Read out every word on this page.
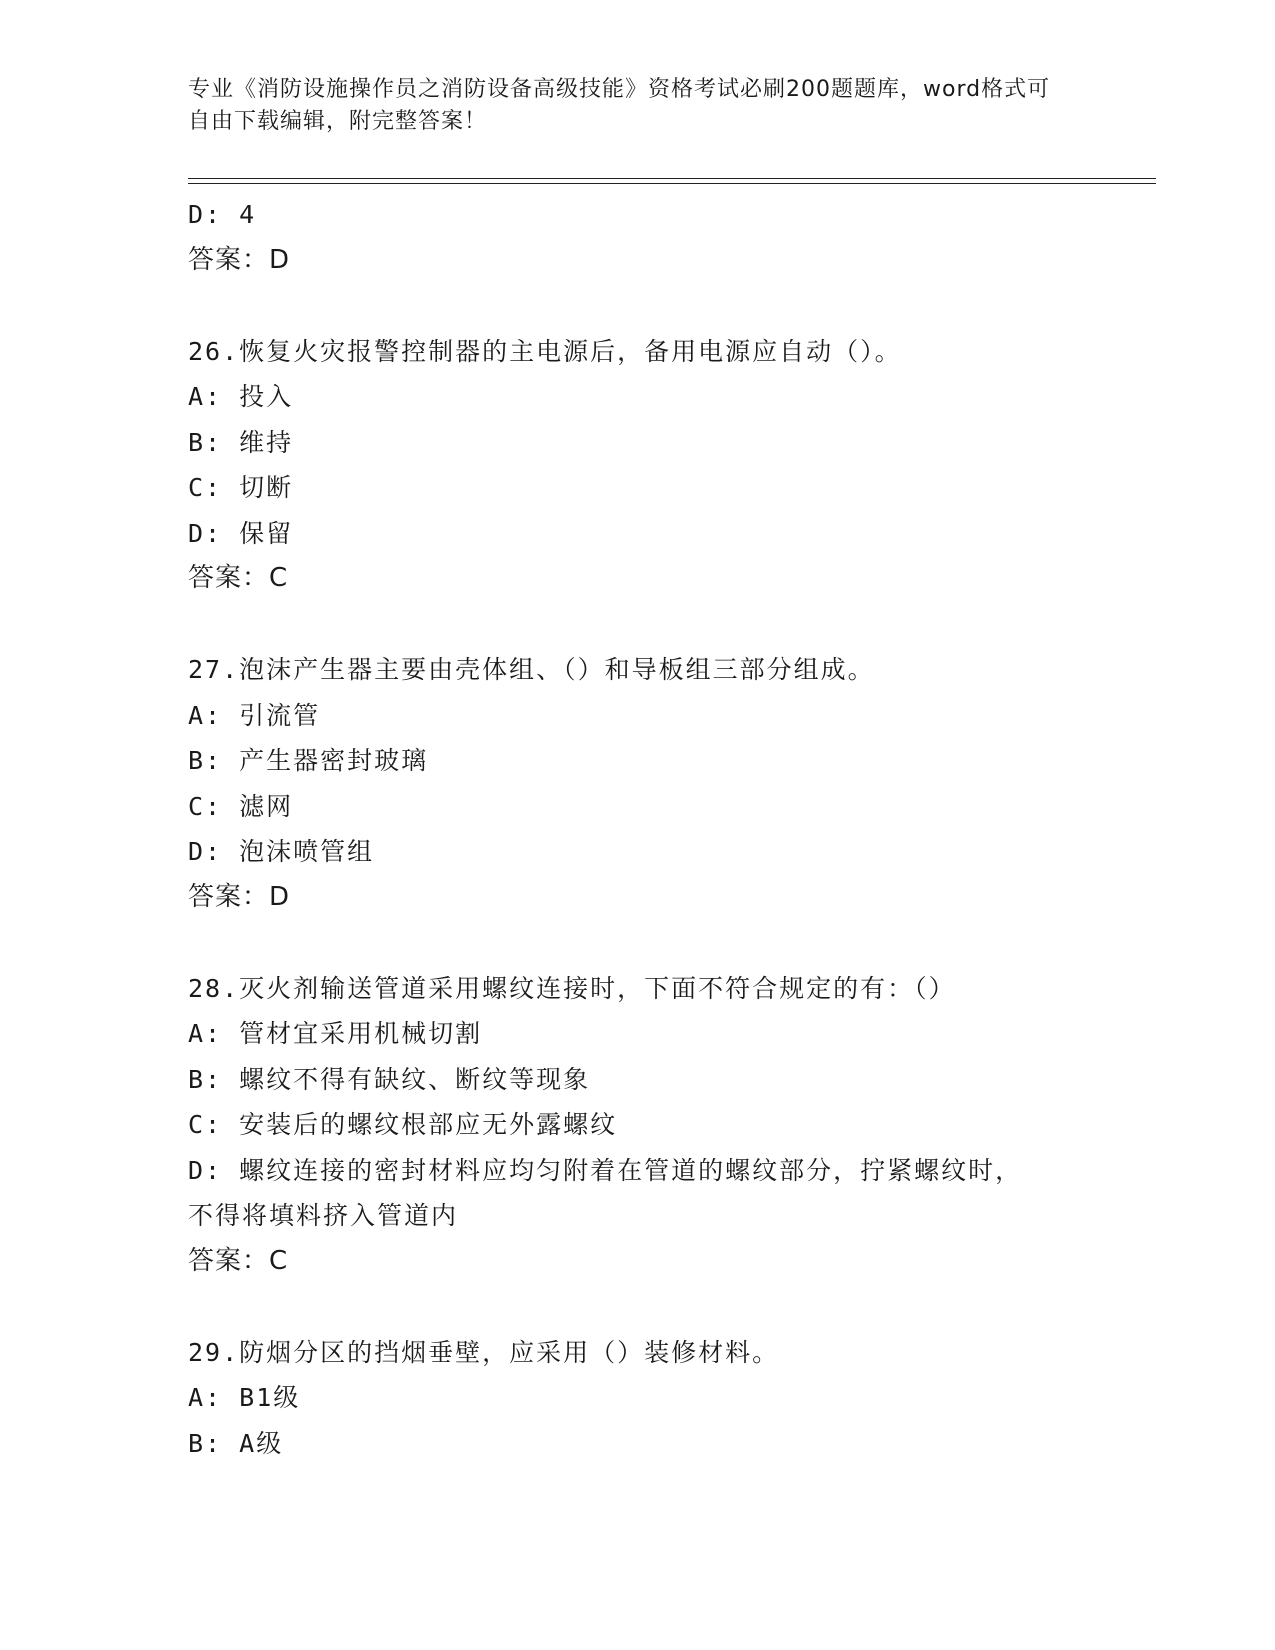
专业《消防设施操作员之消防设备高级技能》资格考试必刷200题题库，word格式可自由下载编辑，附完整答案！
D: 4
答案：D
26.恢复火灾报警控制器的主电源后，备用电源应自动（）。
A: 投入
B: 维持
C: 切断
D: 保留
答案：C
27.泡沫产生器主要由壳体组、（）和导板组三部分组成。
A: 引流管
B: 产生器密封玻璃
C: 滤网
D: 泡沫喷管组
答案：D
28.灭火剂输送管道采用螺纹连接时，下面不符合规定的有：（）
A: 管材宜采用机械切割
B: 螺纹不得有缺纹、断纹等现象
C: 安装后的螺纹根部应无外露螺纹
D: 螺纹连接的密封材料应均匀附着在管道的螺纹部分，拧紧螺纹时，
不得将填料挤入管道内
答案：C
29.防烟分区的挡烟垂壁，应采用（）装修材料。
A: B1级
B: A级
